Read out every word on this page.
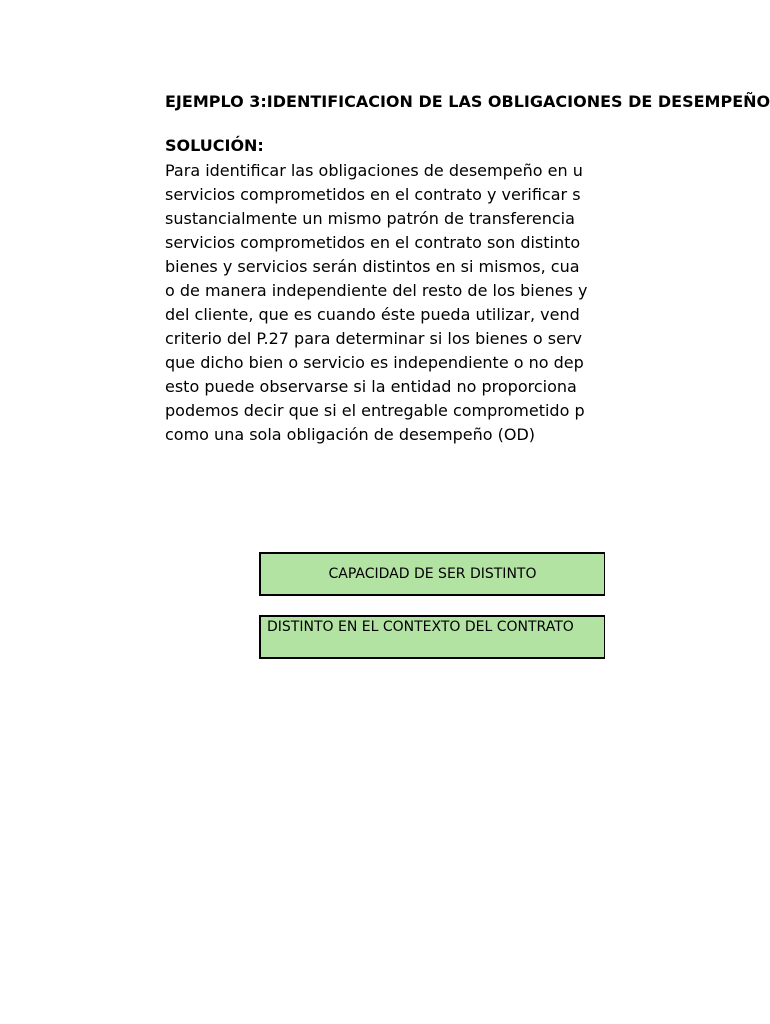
EJEMPLO 3:IDENTIFICACION DE LAS OBLIGACIONES DE DESEMPEÑO
SOLUCIÓN:
Para identificar las obligaciones de desempeño en u
servicios comprometidos en el contrato y verificar s
sustancialmente un mismo patrón de transferencia
servicios comprometidos en el contrato son distinto
bienes y servicios serán distintos en si mismos, cua
o de manera independiente del resto de los bienes y
del cliente, que es cuando éste pueda utilizar, vend
criterio del P.27 para determinar si los bienes o serv
que dicho bien o servicio es independiente o no dep
esto puede observarse si la entidad no proporciona
podemos decir que si el entregable comprometido p
como una sola obligación de desempeño (OD)
CAPACIDAD DE SER DISTINTO
DISTINTO EN EL CONTEXTO DEL CONTRATO
